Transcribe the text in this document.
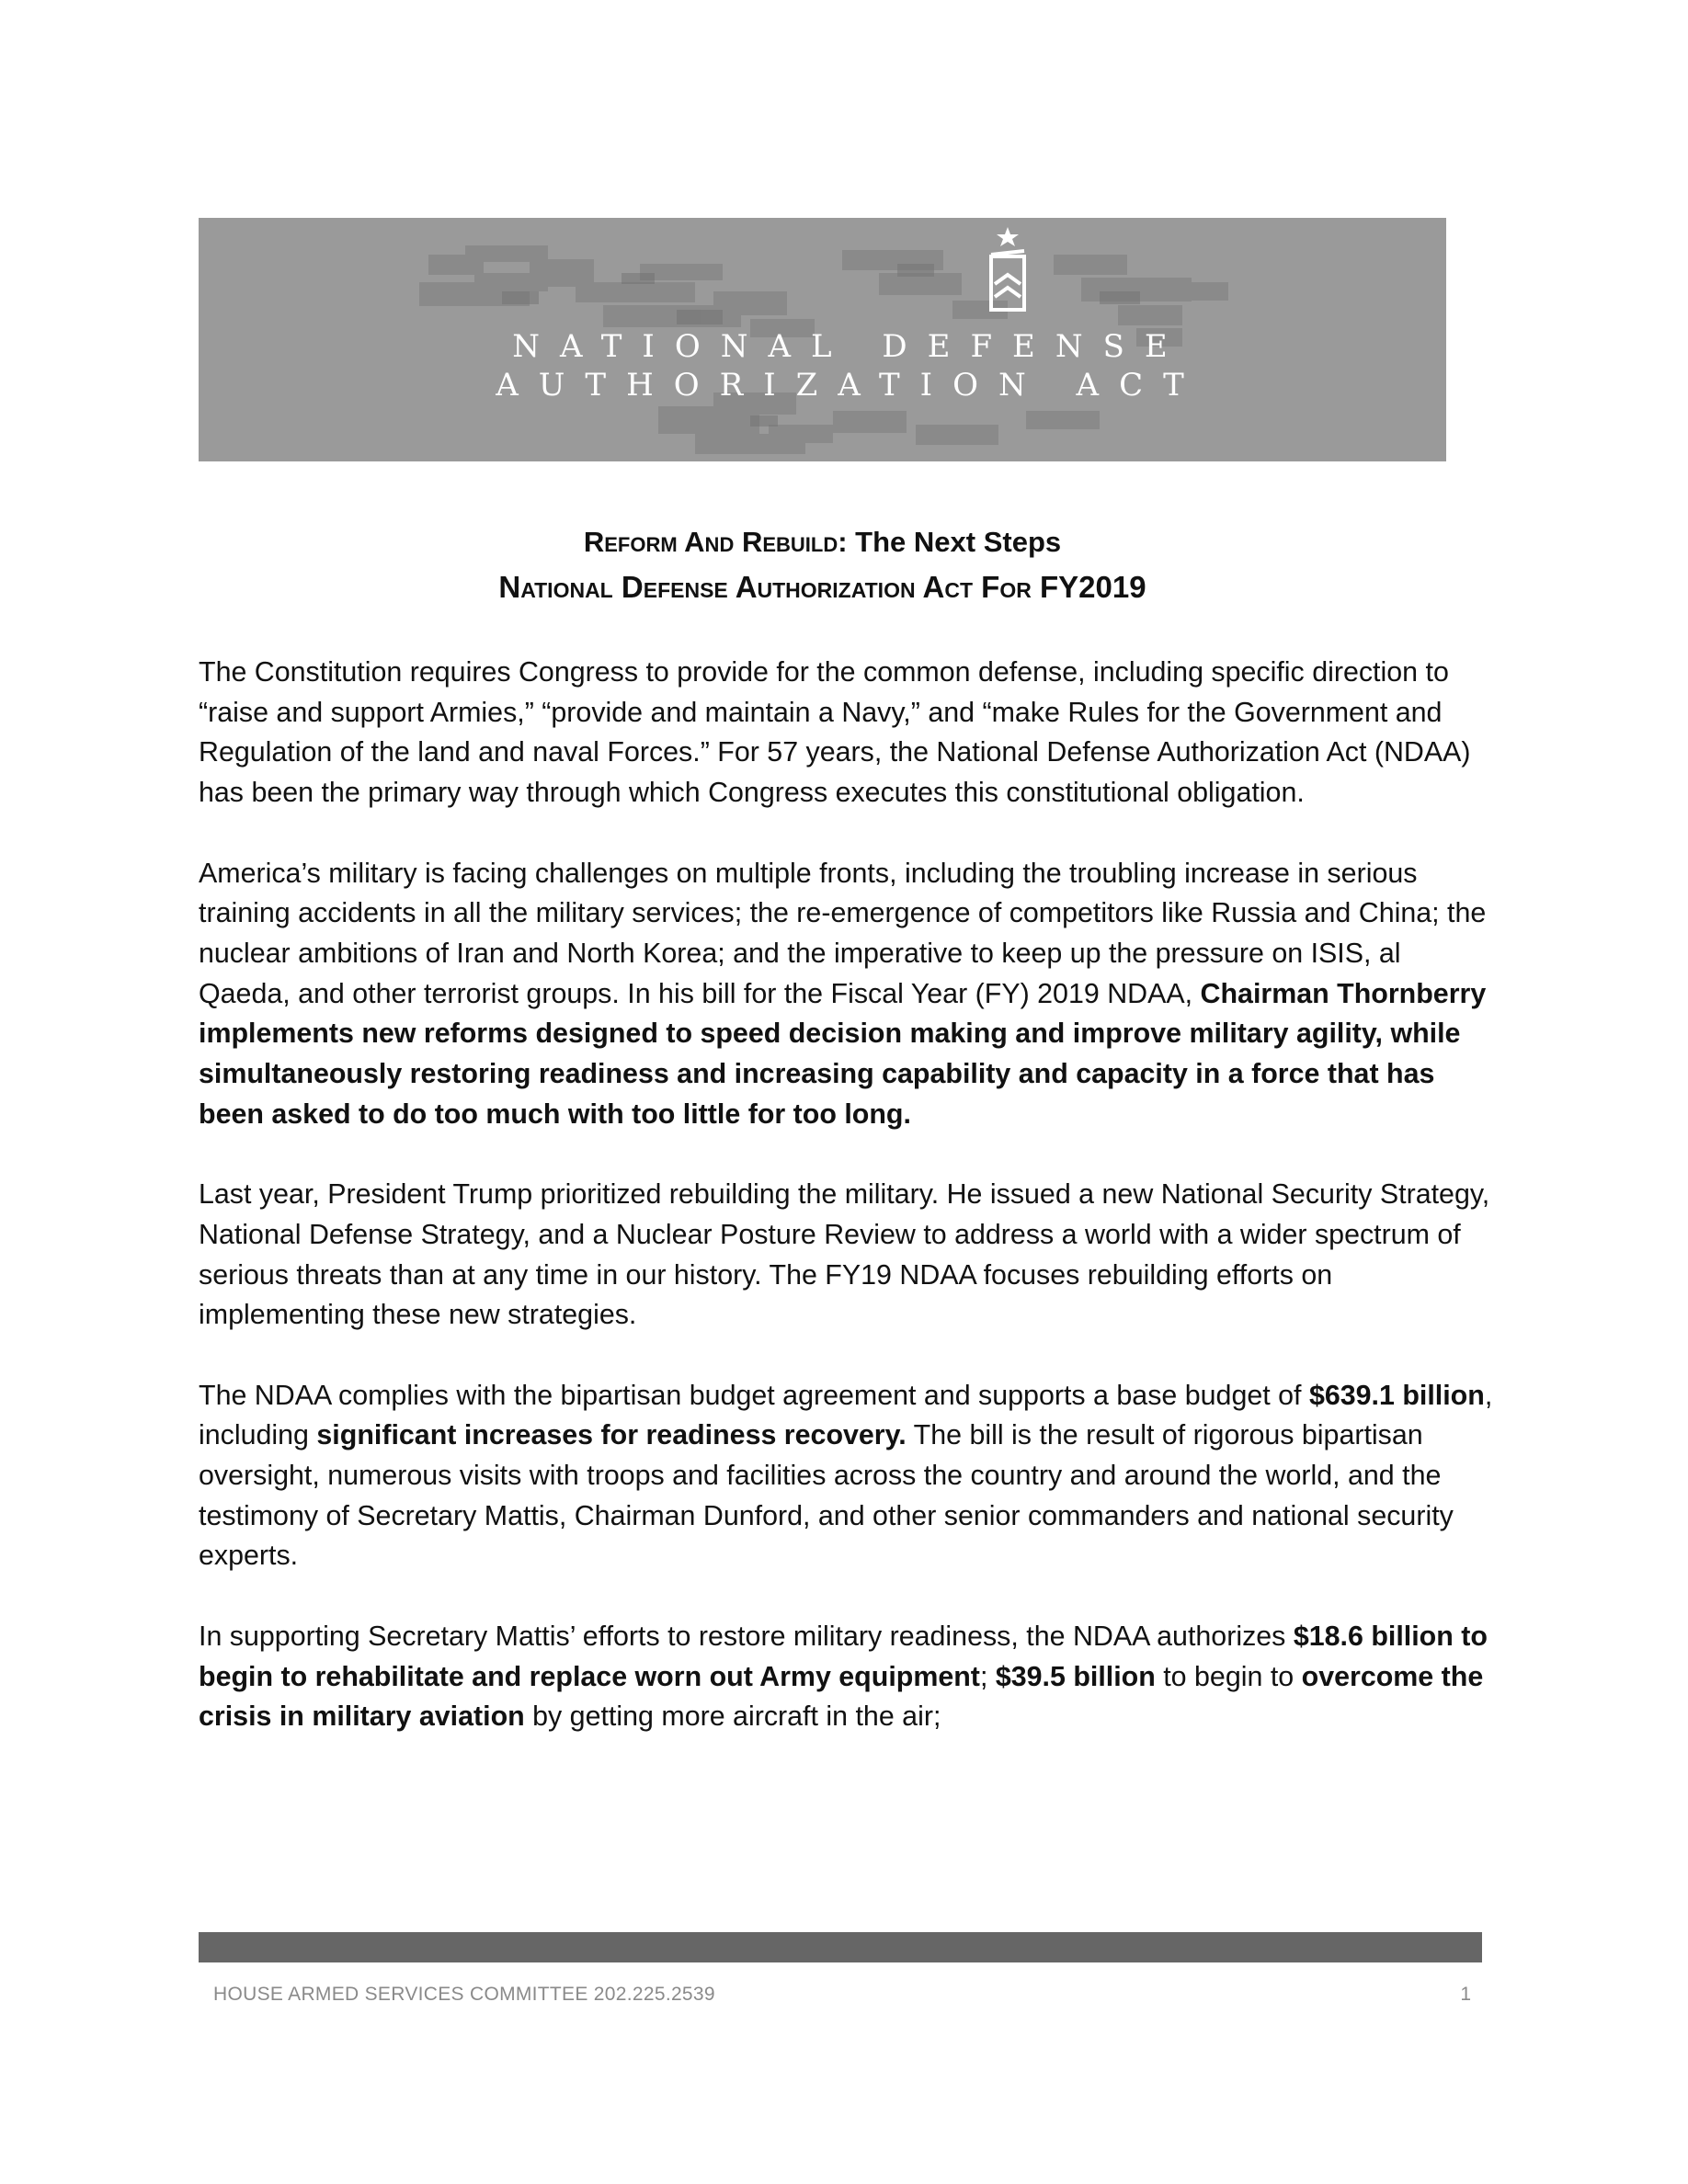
NATIONAL DEFENSE
AUTHORIZATION ACT
Reform And Rebuild: The Next Steps
National Defense Authorization Act For FY2019

The Constitution requires Congress to provide for the common defense, including specific direction to “raise and support Armies,” “provide and maintain a Navy,” and “make Rules for the Government and Regulation of the land and naval Forces.” For 57 years, the National Defense Authorization Act (NDAA) has been the primary way through which Congress executes this constitutional obligation.

America’s military is facing challenges on multiple fronts, including the troubling increase in serious training accidents in all the military services; the re-emergence of competitors like Russia and China; the nuclear ambitions of Iran and North Korea; and the imperative to keep up the pressure on ISIS, al Qaeda, and other terrorist groups. In his bill for the Fiscal Year (FY) 2019 NDAA, Chairman Thornberry implements new reforms designed to speed decision making and improve military agility, while simultaneously restoring readiness and increasing capability and capacity in a force that has been asked to do too much with too little for too long.

Last year, President Trump prioritized rebuilding the military. He issued a new National Security Strategy, National Defense Strategy, and a Nuclear Posture Review to address a world with a wider spectrum of serious threats than at any time in our history. The FY19 NDAA focuses rebuilding efforts on implementing these new strategies.

The NDAA complies with the bipartisan budget agreement and supports a base budget of $639.1 billion, including significant increases for readiness recovery. The bill is the result of rigorous bipartisan oversight, numerous visits with troops and facilities across the country and around the world, and the testimony of Secretary Mattis, Chairman Dunford, and other senior commanders and national security experts.

In supporting Secretary Mattis’ efforts to restore military readiness, the NDAA authorizes $18.6 billion to begin to rehabilitate and replace worn out Army equipment; $39.5 billion to begin to overcome the crisis in military aviation by getting more aircraft in the air;

HOUSE ARMED SERVICES COMMITTEE 202.225.2539	1
